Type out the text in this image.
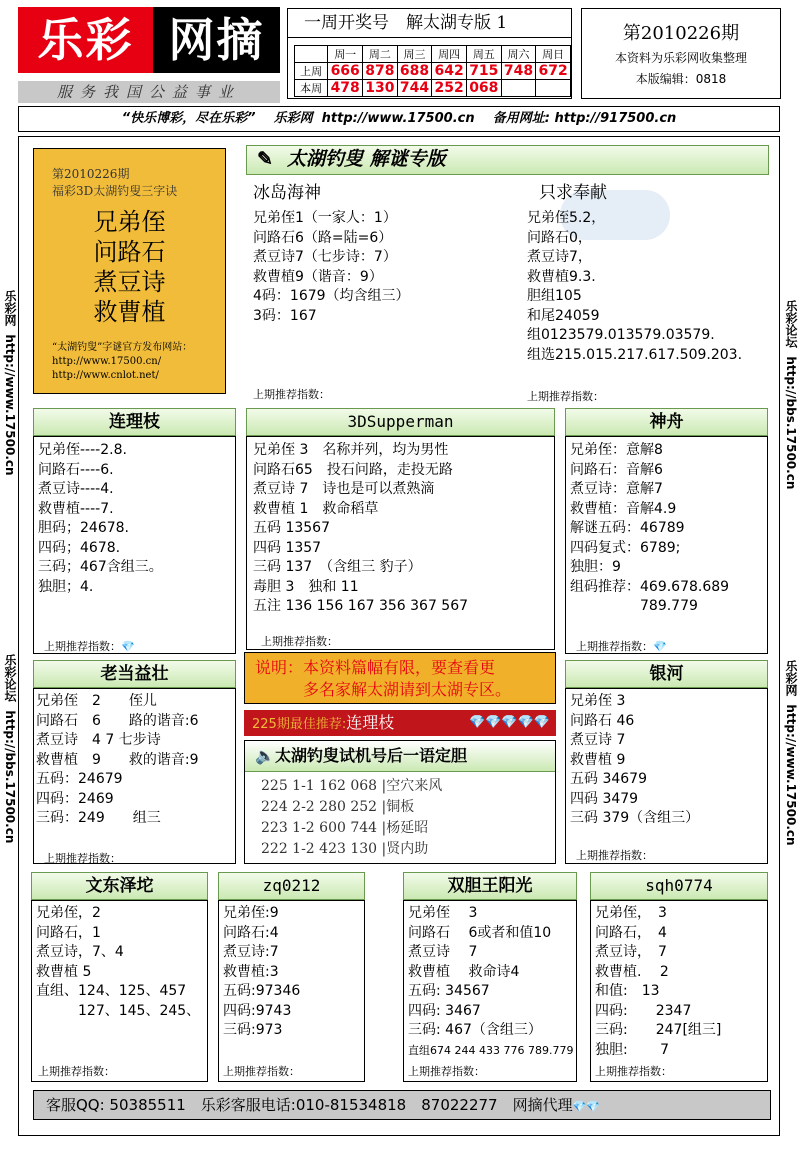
乐彩 网摘
服务我国公益事业
一周开奖号　解太湖专版 1
	周一	周二	周三	周四	周五	周六	周日
上周	666	878	688	642	715	748	672
本周	478	130	744	252	068		
第2010226期
本资料为乐彩网收集整理
本版编辑：0818
“快乐博彩，尽在乐彩” 乐彩网 http://www.17500.cn 备用网址: http://917500.cn
乐彩网  http://www.17500.cn
乐彩论坛  http://bbs.17500.cn
乐彩论坛  http://bbs.17500.cn
乐彩网  http://www.17500.cn
第2010226期
福彩3D太湖钓叟三字诀
兄弟侄
问路石
煮豆诗
救曹植
“太湖钓叟”字谜官方发布网站：
http://www.17500.cn/
http://www.cnlot.net/
✎ 太湖钓叟 解谜专版
冰岛海神
兄弟侄1（一家人：1）
问路石6（路=陆=6）
煮豆诗7（七步诗：7）
救曹植9（谐音：9）
4码：1679（均含组三）
3码：167
上期推荐指数：
只求奉献
兄弟侄5.2，
问路石0，
煮豆诗7，
救曹植9.3.
胆组105
和尾24059
组0123579.013579.03579.
组选215.015.217.617.509.203.
上期推荐指数：
连理枝
兄弟侄----2.8.
问路石----6.
煮豆诗----4.
救曹植----7.
胆码；24678.
四码；4678.
三码；467含组三。
独胆；4.
上期推荐指数：💎
3DSupperman
兄弟侄 3　名称并列，均为男性
问路石65　投石问路，走投无路
煮豆诗 7　诗也是可以煮熟滴
救曹植 1　救命稻草
五码 13567
四码 1357
三码 137　（含组三 豹子）
毒胆 3　独和 11
五注 136 156 167 356 367 567
上期推荐指数：
神舟
兄弟侄：意解8
问路石：音解6
煮豆诗：意解7
救曹植：音解4.9
解谜五码：46789
四码复式：6789;
独胆：9
组码推荐：469.678.689
　　　　　789.779
上期推荐指数：💎
老当益壮
兄弟侄　2　　侄儿
问路石　6　　路的谐音:6
煮豆诗　4 7 七步诗
救曹植　9　　救的谐音:9
五码：24679
四码：2469
三码：249　　组三
上期推荐指数：
说明：本资料篇幅有限，要查看更
多名家解太湖请到太湖专区。
225期最佳推荐:连理枝	💎💎💎💎💎
🔈 太湖钓叟试机号后一语定胆
225 1-1 162 068 |空穴来风
224 2-2 280 252 |铜板
223 1-2 600 744 |杨延昭
222 1-2 423 130 |贤内助
银河
兄弟侄 3
问路石 46
煮豆诗 7
救曹植 9
五码 34679
四码 3479
三码 379（含组三）
上期推荐指数：
文东泽坨
兄弟侄，2
问路石，1
煮豆诗，7、4
救曹植 5
直组、124、125、457
　　　127、145、245、
上期推荐指数：
zq0212
兄弟侄:9
问路石:4
煮豆诗:7
救曹植:3
五码:97346
四码:9743
三码:973
上期推荐指数：
双胆王阳光
兄弟侄　 3
问路石　 6或者和值10
煮豆诗　 7
救曹植　 救命诗4
五码: 34567
四码: 3467
三码: 467（含组三）
直组674 244 433 776 789.779
上期推荐指数：
sqh0774
兄弟侄，　3
问路石，　4
煮豆诗，　7
救曹植.　 2
和值:　13
四码:　　2347
三码:　　247[组三]
独胆:　　 7
上期推荐指数：
客服QQ: 50385511　乐彩客服电话:010-81534818　87022277　网摘代理💎💎
